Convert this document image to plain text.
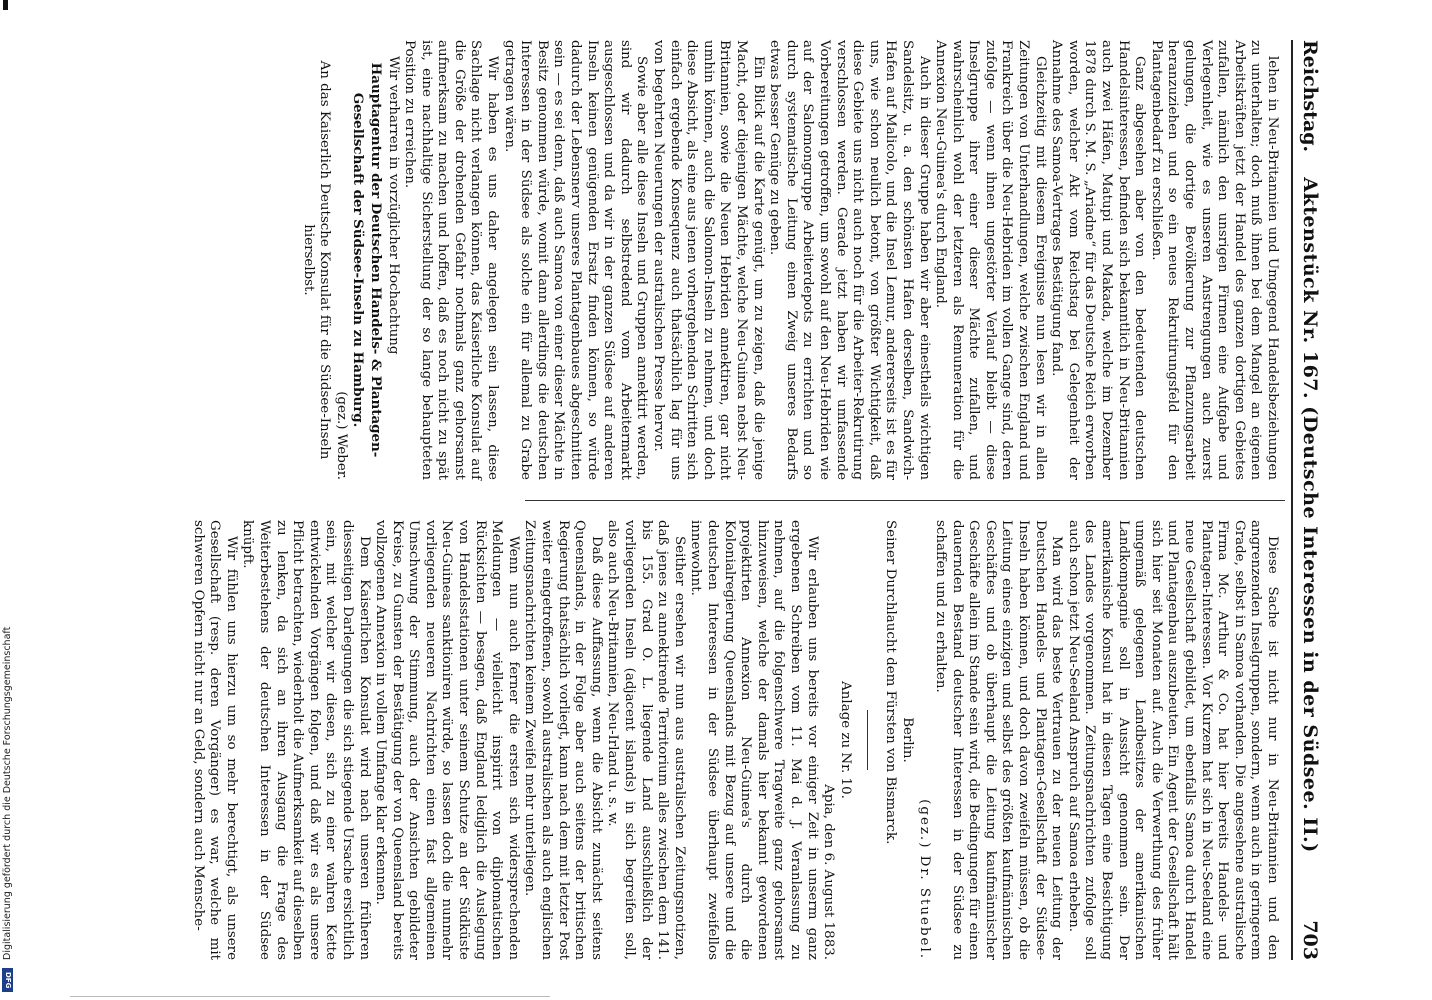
Reichstag.
Aktenstück Nr. 167. (Deutsche Interessen in der Südsee. II.)
703

lehen in Neu-Britannien und Umgegend Handelsbeziehungen zu unterhalten; doch muß ihnen bei dem Mangel an eigenen Arbeitskräften jetzt der Handel des ganzen dortigen Gebietes zufallen, nämlich den unsrigen Firmen eine Aufgabe und Verlegenheit, wie es unseren Anstrengungen auch zuerst gelungen, die dortige Bevölkerung zur Pflanzungsarbeit heranzuziehen und so ein neues Rekrutirungsfeld für den Plantagenbedarf zu erschließen.

Ganz abgesehen aber von den bedeutenden deutschen Handelsinteressen, befinden sich bekanntlich in Neu-Britannien auch zwei Häfen, Matupi und Makada, welche im Dezember 1878 durch S. M. S. „Ariadne“ für das Deutsche Reich erworben worden, welcher Akt vom Reichstag bei Gelegenheit der Annahme des Samoa-Vertrages Bestätigung fand.

Gleichzeitig mit diesem Ereignisse nun lesen wir in allen Zeitungen von Unterhandlungen, welche zwischen England und Frankreich über die Neu-Hebriden im vollen Gange sind, deren zufolge — wenn ihnen ungestörter Verlauf bleibt — diese Inselgruppe ihrer einer dieser Mächte zufallen, und wahrscheinlich wohl der letzteren als Remuneration für die Annexion Neu-Guinea's durch England.

Auch in dieser Gruppe haben wir aber einestheils wichtigen Sandelsitz, u. a. den schönsten Hafen derselben, Sandwich-Hafen auf Malicolo, und die Insel Lemur, andererseits ist es für uns, wie schon neulich betont, von größter Wichtigkeit, daß diese Gebiete uns nicht auch noch für die Arbeiter-Rekrutirung verschlossen werden. Gerade jetzt haben wir umfassende Vorbereitungen getroffen, um sowohl auf den Neu-Hebriden wie auf der Salomongruppe Arbeiterdepots zu errichten und so durch systematische Leitung einen Zweig unseres Bedarfs etwas besser Genüge zu geben.

Ein Blick auf die Karte genügt, um zu zeigen, daß die jenige Macht, oder diejenigen Mächte, welche Neu-Guinea nebst Neu-Britannien, sowie die Neuen Hebriden annektiren, gar nicht umhin können, auch die Salomon-Inseln zu nehmen, und doch diese Absicht, als eine aus jenen vorhergehenden Schritten sich einfach ergebende Konsequenz auch thatsächlich lag für uns von begehrten Neuerungen der australischen Presse hervor.

Sowie aber alle diese Inseln und Gruppen annektirt werden, sind wir dadurch selbstredend vom Arbeitermarkt ausgeschlossen und da wir in der ganzen Südsee auf anderen Inseln keinen genügenden Ersatz finden können, so würde dadurch der Lebensnerv unseres Plantagenbaues abgeschnitten sein — es sei denn, daß auch Samoa von einer dieser Mächte in Besitz genommen würde, womit dann allerdings die deutschen Interessen in der Südsee als solche ein für allemal zu Grabe getragen wären.

Wir haben es uns daher angelegen sein lassen, diese Sachlage nicht verlangen können, das Kaiserliche Konsulat auf die Größe der drohenden Gefahr nochmals ganz gehorsamst aufmerksam zu machen und hoffen, daß es noch nicht zu spät ist, eine nachhaltige Sicherstellung der so lange behaupteten Position zu erreichen.

Wir verharren in vorzüglicher Hochachtung

Hauptagentur der Deutschen Handels- & Plantagen-Gesellschaft der Südsee-Inseln zu Hamburg.

(gez.) Weber.

An das Kaiserlich Deutsche Konsulat für die Südsee-Inseln hierselbst.

Diese Sache ist nicht nur in Neu-Britannien und den angrenzenden Inselgruppen, sondern, wenn auch in geringerem Grade, selbst in Samoa vorhanden. Die angesehene australische Firma Mc. Arthur & Co. hat hier bereits Handels- und Plantagen-Interessen. Vor Kurzem hat sich in Neu-Seeland eine neue Gesellschaft gebildet, um ebenfalls Samoa durch Handel und Plantagenbau auszubeuten. Ein Agent der Gesellschaft hält sich hier seit Monaten auf. Auch die Verwerthung des früher umgemäß gelegenen Landbesitzes der amerikanischen Landkompagnie soll in Aussicht genommen sein. Der amerikanische Konsul hat in diesen Tagen eine Besichtigung des Landes vorgenommen. Zeitungsnachrichten zufolge soll auch schon jetzt Neu-Seeland Anspruch auf Samoa erheben.

Man wird das beste Vertrauen zu der neuen Leitung der Deutschen Handels- und Plantagen-Gesellschaft der Südsee-Inseln haben können, und doch davon zweifeln müssen, ob die Leitung eines einzigen und selbst des größten kaufmännischen Geschäftes und ob überhaupt die Leitung kaufmännischer Geschäfte allein im Stande sein wird, die Bedingungen für einen dauernden Bestand deutscher Interessen in der Südsee zu schaffen und zu erhalten.

(gez.) Dr. Stuebel.

Berlin.

Seiner Durchlaucht dem Fürsten von Bismarck.

Anlage zu Nr. 10.

Apia, den 6. August 1883.

Wir erlauben uns bereits vor einiger Zeit in unserm ganz ergebenen Schreiben vom 11. Mai d. J. Veranlassung zu nehmen, auf die folgenschwere Tragweite ganz gehorsamst hinzuweisen, welche der damals hier bekannt gewordenen projektirten Annexion Neu-Guinea's durch die Kolonialregierung Queenslands mit Bezug auf unsere und die deutschen Interessen in der Südsee überhaupt zweifellos innewohnt.

Seither ersehen wir nun aus australischen Zeitungsnotizen, daß jenes zu annektirende Territorium alles zwischen dem 141. bis 155. Grad O. L. liegende Land ausschließlich der vorliegenden Inseln (adjacent islands) in sich begreifen soll, also auch Neu-Britannien, Neu-Irland u. s. w.

Daß diese Auffassung, wenn die Absicht zunächst seitens Queenslands, in der Folge aber auch seitens der britischen Regierung thatsächlich vorliegt, kann nach dem mit letzter Post weiter eingetroffenen, sowohl australischen als auch englischen Zeitungsnachrichten keinem Zweifel mehr unterliegen.

Wenn nun auch ferner die ersten sich widersprechenden Meldungen — vielleicht inspirirt von diplomatischen Rücksichten — besagen, daß England lediglich die Auslegung von Handelsstationen unter seinem Schutze an der Südküste Neu-Guineas sanktioniren würde, so lassen doch die nunmehr vorliegenden neueren Nachrichten einen fast allgemeinen Umschwung der Stimmung, auch der Ansichten gebildeter Kreise, zu Gunsten der Bestätigung der von Queensland bereits vollzogenen Annexion in vollem Umfange klar erkennen.

Dem Kaiserlichen Konsulat wird nach unseren früheren diesseitigen Darlegungen die sich stiegende Ursache ersichtlich sein, mit welcher wir diesen, sich zu einer wahren Kette entwickelnden Vorgängen folgen, und daß wir es als unsere Pflicht betrachten, wiederholt die Aufmerksamkeit auf dieselben zu lenken, da sich an ihren Ausgang die Frage des Weiterbestehens der deutschen Interessen in der Südsee knüpft.

Wir fühlen uns hierzu um so mehr berechtigt, als unsere Gesellschaft (resp. deren Vorgänger) es war, welche mit schweren Opfern nicht nur an Geld, sondern auch Mensche-

Digitalisierung gefördert durch die Deutsche Forschungsgemeinschaft
DFG
